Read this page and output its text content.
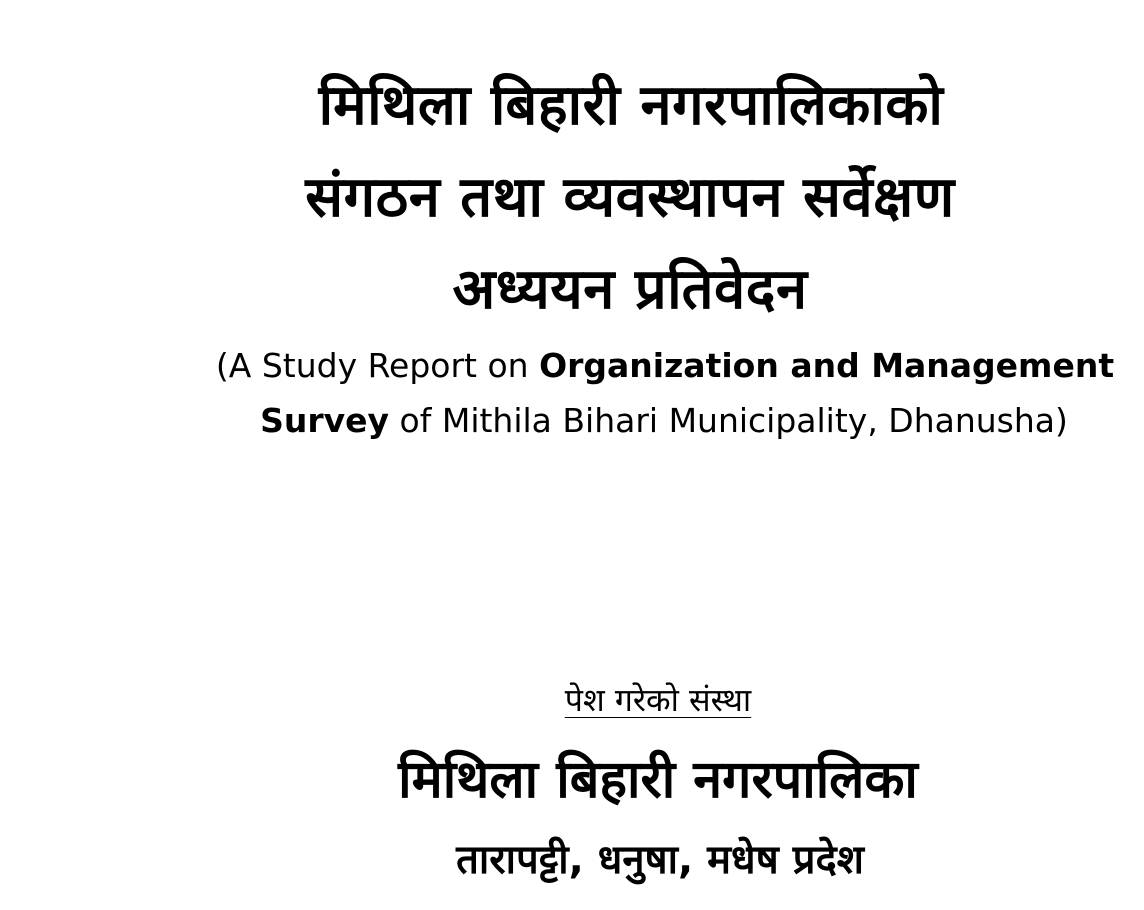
मिथिला बिहारी नगरपालिकाको
संगठन तथा व्यवस्थापन सर्वेक्षण
अध्ययन प्रतिवेदन
(A Study Report on Organization and Management
Survey of Mithila Bihari Municipality, Dhanusha)
पेश गरेको संस्था
मिथिला बिहारी नगरपालिका
तारापट्टी, धनुषा, मधेष प्रदेश
